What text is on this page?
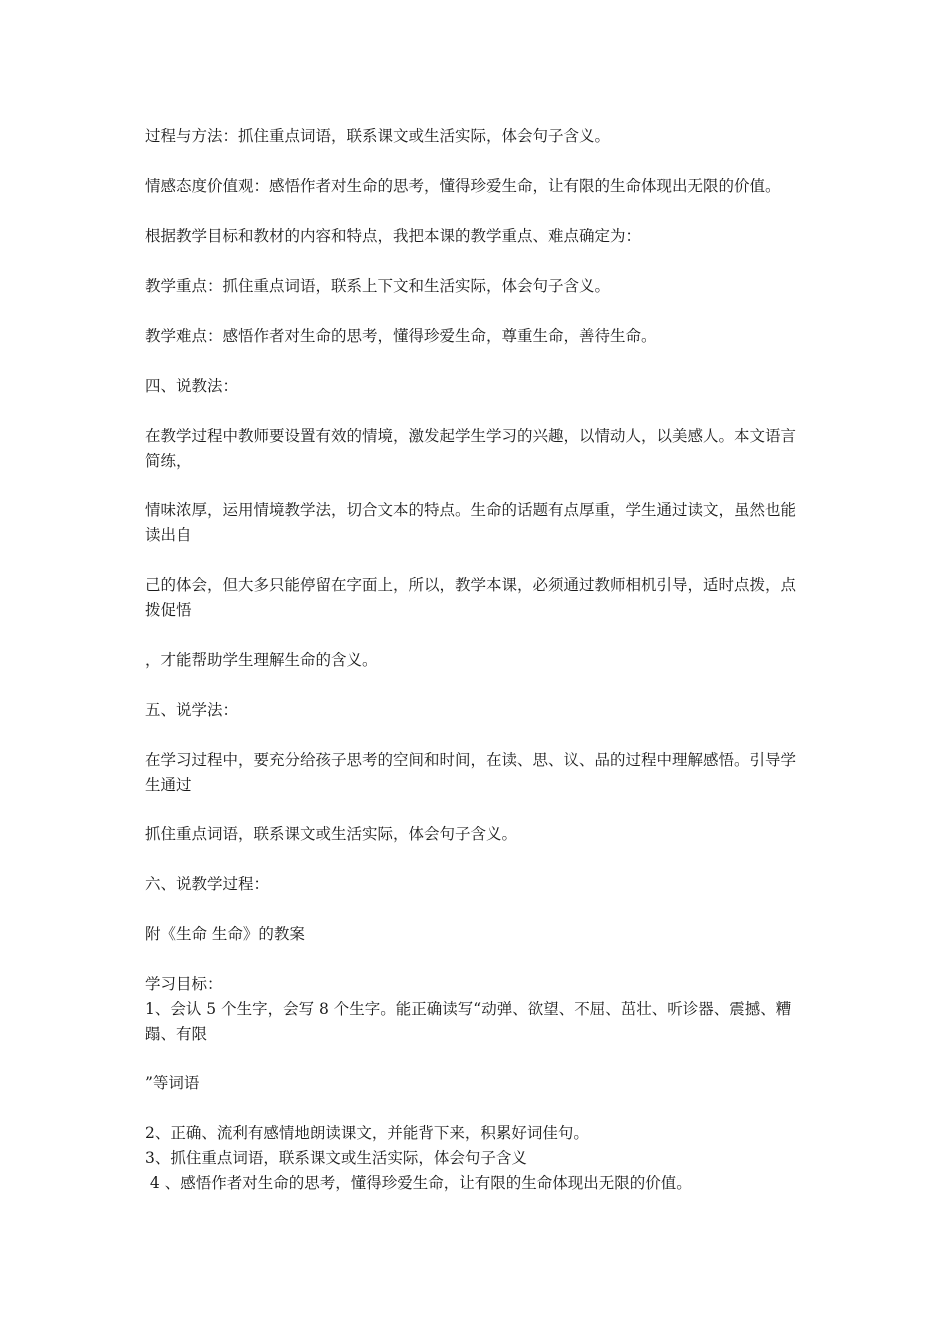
过程与方法：抓住重点词语，联系课文或生活实际，体会句子含义。

情感态度价值观：感悟作者对生命的思考，懂得珍爱生命，让有限的生命体现出无限的价值。

根据教学目标和教材的内容和特点，我把本课的教学重点、难点确定为：

教学重点：抓住重点词语，联系上下文和生活实际，体会句子含义。

教学难点：感悟作者对生命的思考，懂得珍爱生命，尊重生命，善待生命。

四、说教法：

在教学过程中教师要设置有效的情境，激发起学生学习的兴趣，以情动人，以美感人。本文语言简练，

情味浓厚，运用情境教学法，切合文本的特点。生命的话题有点厚重，学生通过读文，虽然也能读出自

己的体会，但大多只能停留在字面上，所以，教学本课，必须通过教师相机引导，适时点拨，点拨促悟

，才能帮助学生理解生命的含义。

五、说学法：

在学习过程中，要充分给孩子思考的空间和时间，在读、思、议、品的过程中理解感悟。引导学生通过

抓住重点词语，联系课文或生活实际，体会句子含义。

六、说教学过程：

附《生命 生命》的教案

学习目标：

1、会认 5 个生字，会写 8 个生字。能正确读写“动弹、欲望、不屈、茁壮、听诊器、震撼、糟蹋、有限

”等词语

2、正确、流利有感情地朗读课文，并能背下来，积累好词佳句。

3、抓住重点词语，联系课文或生活实际，体会句子含义

4 、感悟作者对生命的思考，懂得珍爱生命，让有限的生命体现出无限的价值。
